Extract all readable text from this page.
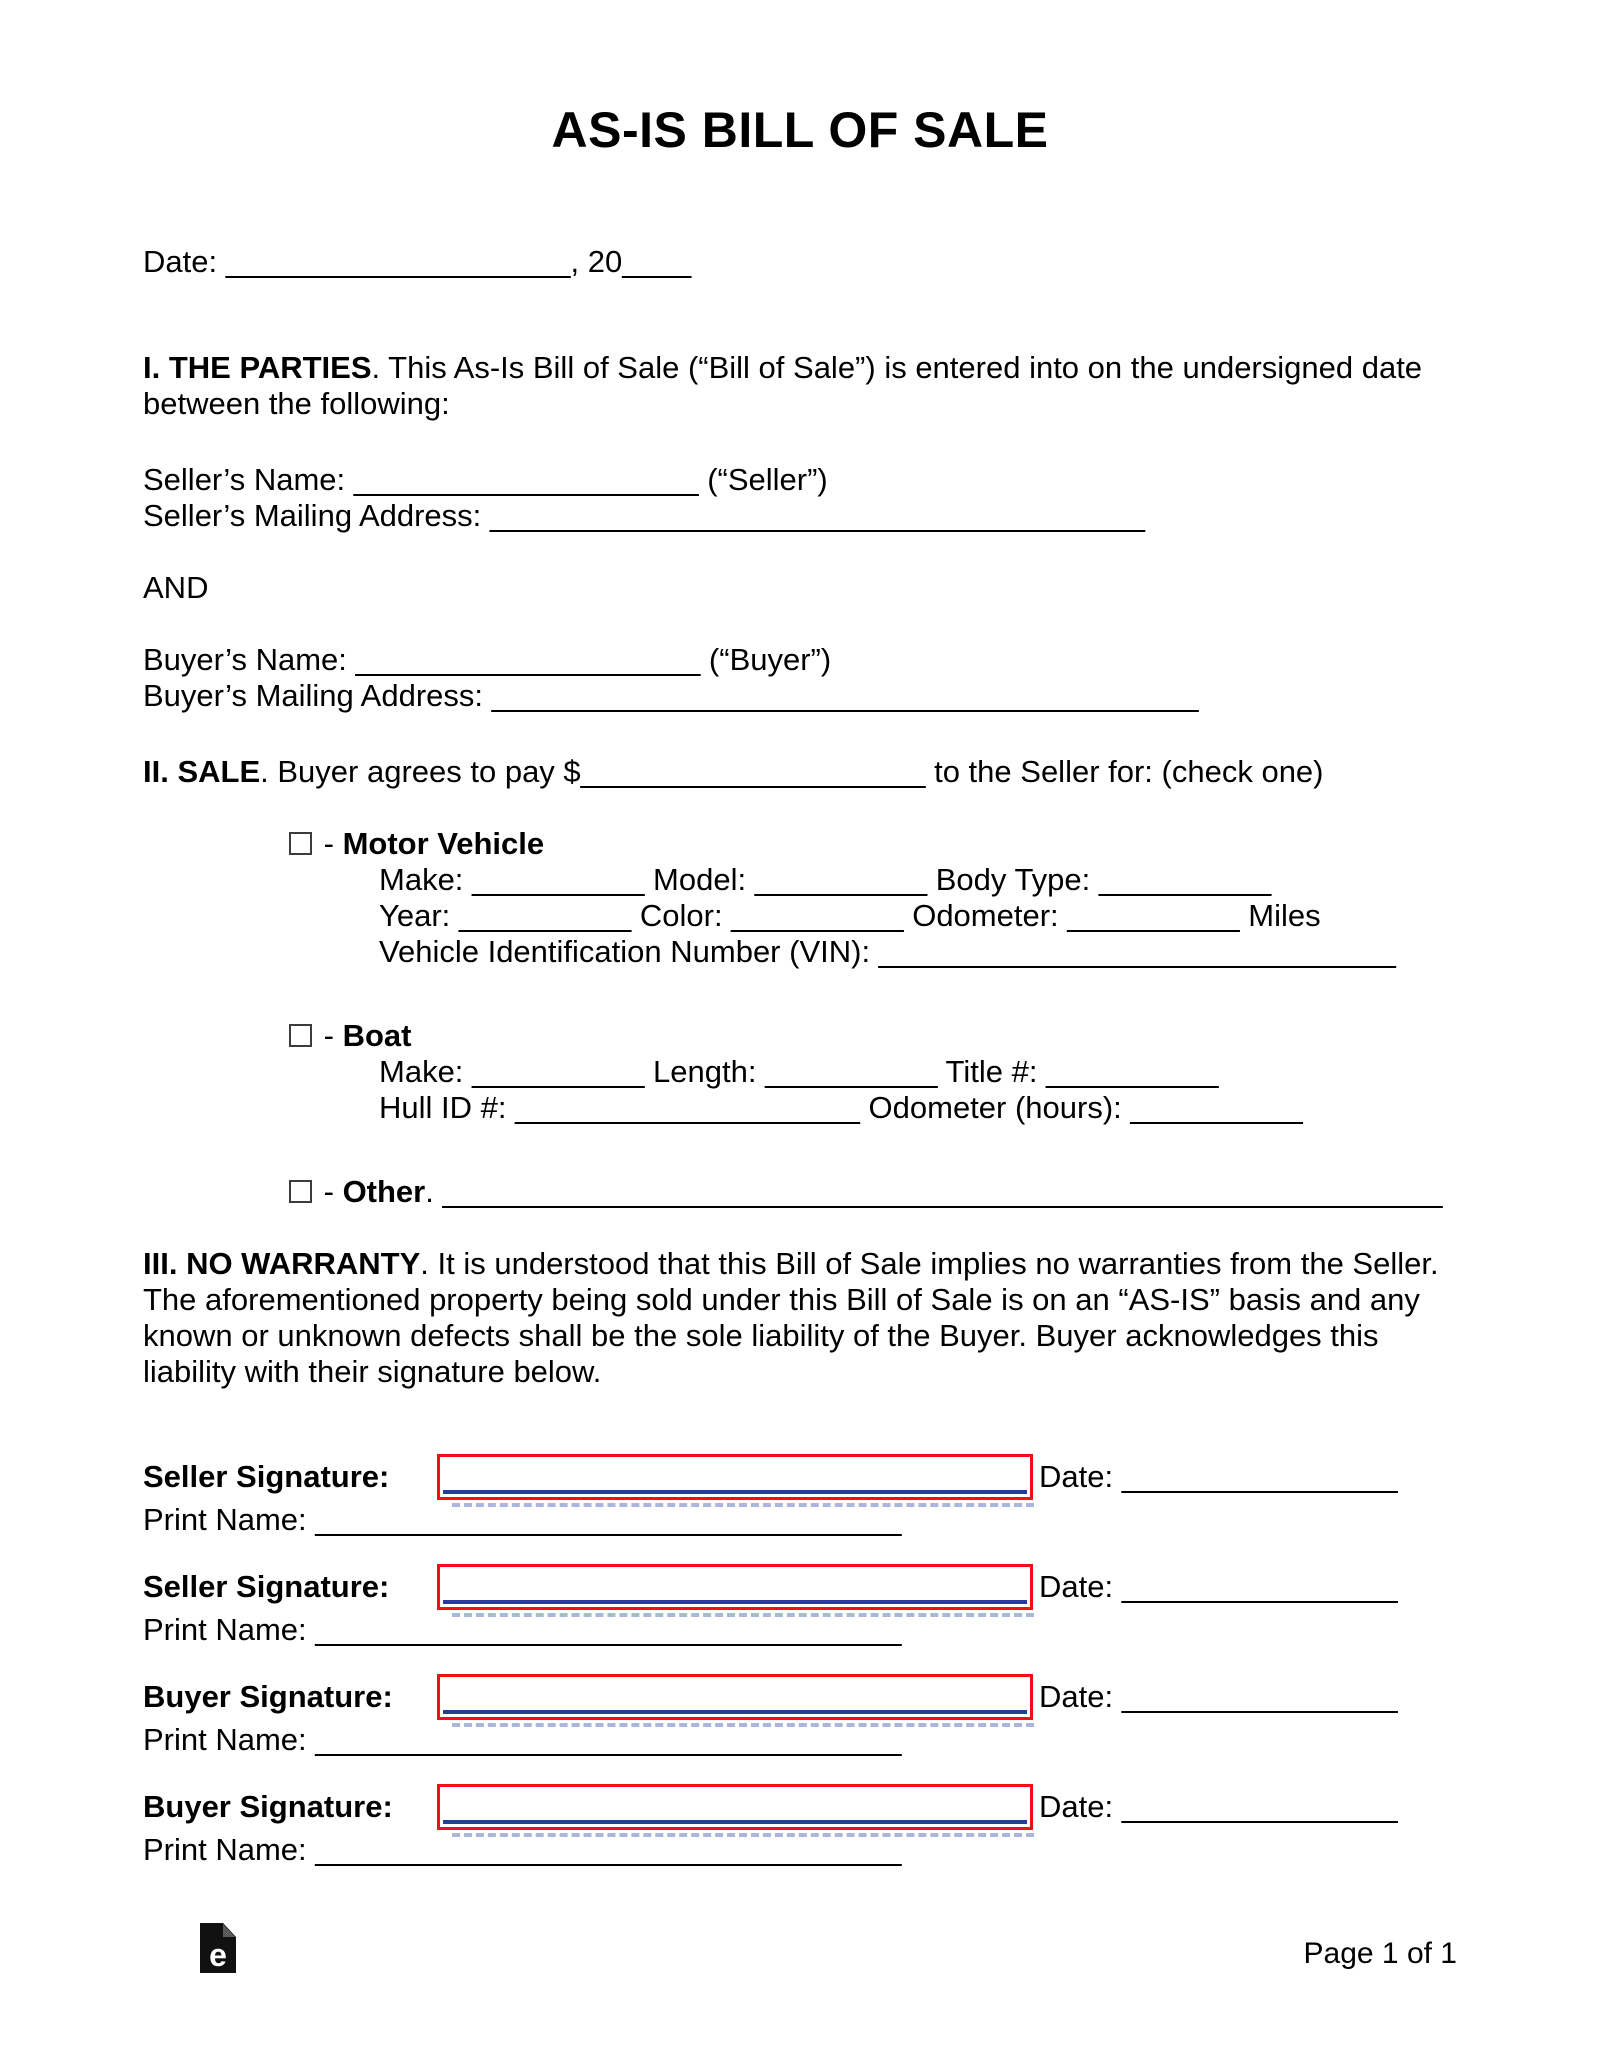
AS-IS BILL OF SALE
Date: ____________________, 20____

I. THE PARTIES. This As-Is Bill of Sale (“Bill of Sale”) is entered into on the undersigned date between the following:

Seller’s Name: ____________________ (“Seller”)
Seller’s Mailing Address: ______________________________________
AND
Buyer’s Name: ____________________ (“Buyer”)
Buyer’s Mailing Address: _________________________________________

II. SALE. Buyer agrees to pay $____________________ to the Seller for: (check one)

- Motor Vehicle
Make: __________ Model: __________ Body Type: __________
Year: __________ Color: __________ Odometer: __________ Miles
Vehicle Identification Number (VIN): ______________________________
- Boat
Make: __________ Length: __________ Title #: __________
Hull ID #: ____________________ Odometer (hours): __________
- Other. __________________________________________________________

III. NO WARRANTY. It is understood that this Bill of Sale implies no warranties from the Seller. The aforementioned property being sold under this Bill of Sale is on an “AS-IS” basis and any known or unknown defects shall be the sole liability of the Buyer. Buyer acknowledges this liability with their signature below.

Seller Signature:	Date: ________________
Print Name: __________________________________
Seller Signature:	Date: ________________
Print Name: __________________________________
Buyer Signature:	Date: ________________
Print Name: __________________________________
Buyer Signature:	Date: ________________
Print Name: __________________________________
e	Page 1 of 1
